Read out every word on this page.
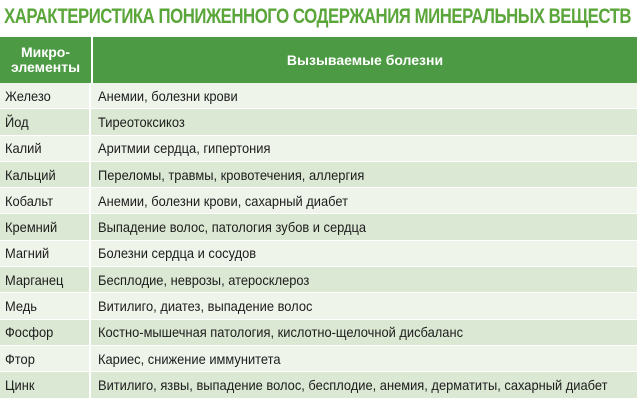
ХАРАКТЕРИСТИКА ПОНИЖЕННОГО СОДЕРЖАНИЯ МИНЕРАЛЬНЫХ ВЕЩЕСТВ
Микро-
элементы	Вызываемые болезни
Железо	Анемии, болезни крови
Йод	Тиреотоксикоз
Калий	Аритмии сердца, гипертония
Кальций	Переломы, травмы, кровотечения, аллергия
Кобальт	Анемии, болезни крови, сахарный диабет
Кремний	Выпадение волос, патология зубов и сердца
Магний	Болезни сердца и сосудов
Марганец Бесплодие, неврозы, атеросклероз
Медь	Витилиго, диатез, выпадение волос
Фосфор	Костно-мышечная патология, кислотно-щелочной дисбаланс
Фтор	Кариес, снижение иммунитета
Цинк	Витилиго, язвы, выпадение волос, бесплодие, анемия, дерматиты, сахарный диабет
